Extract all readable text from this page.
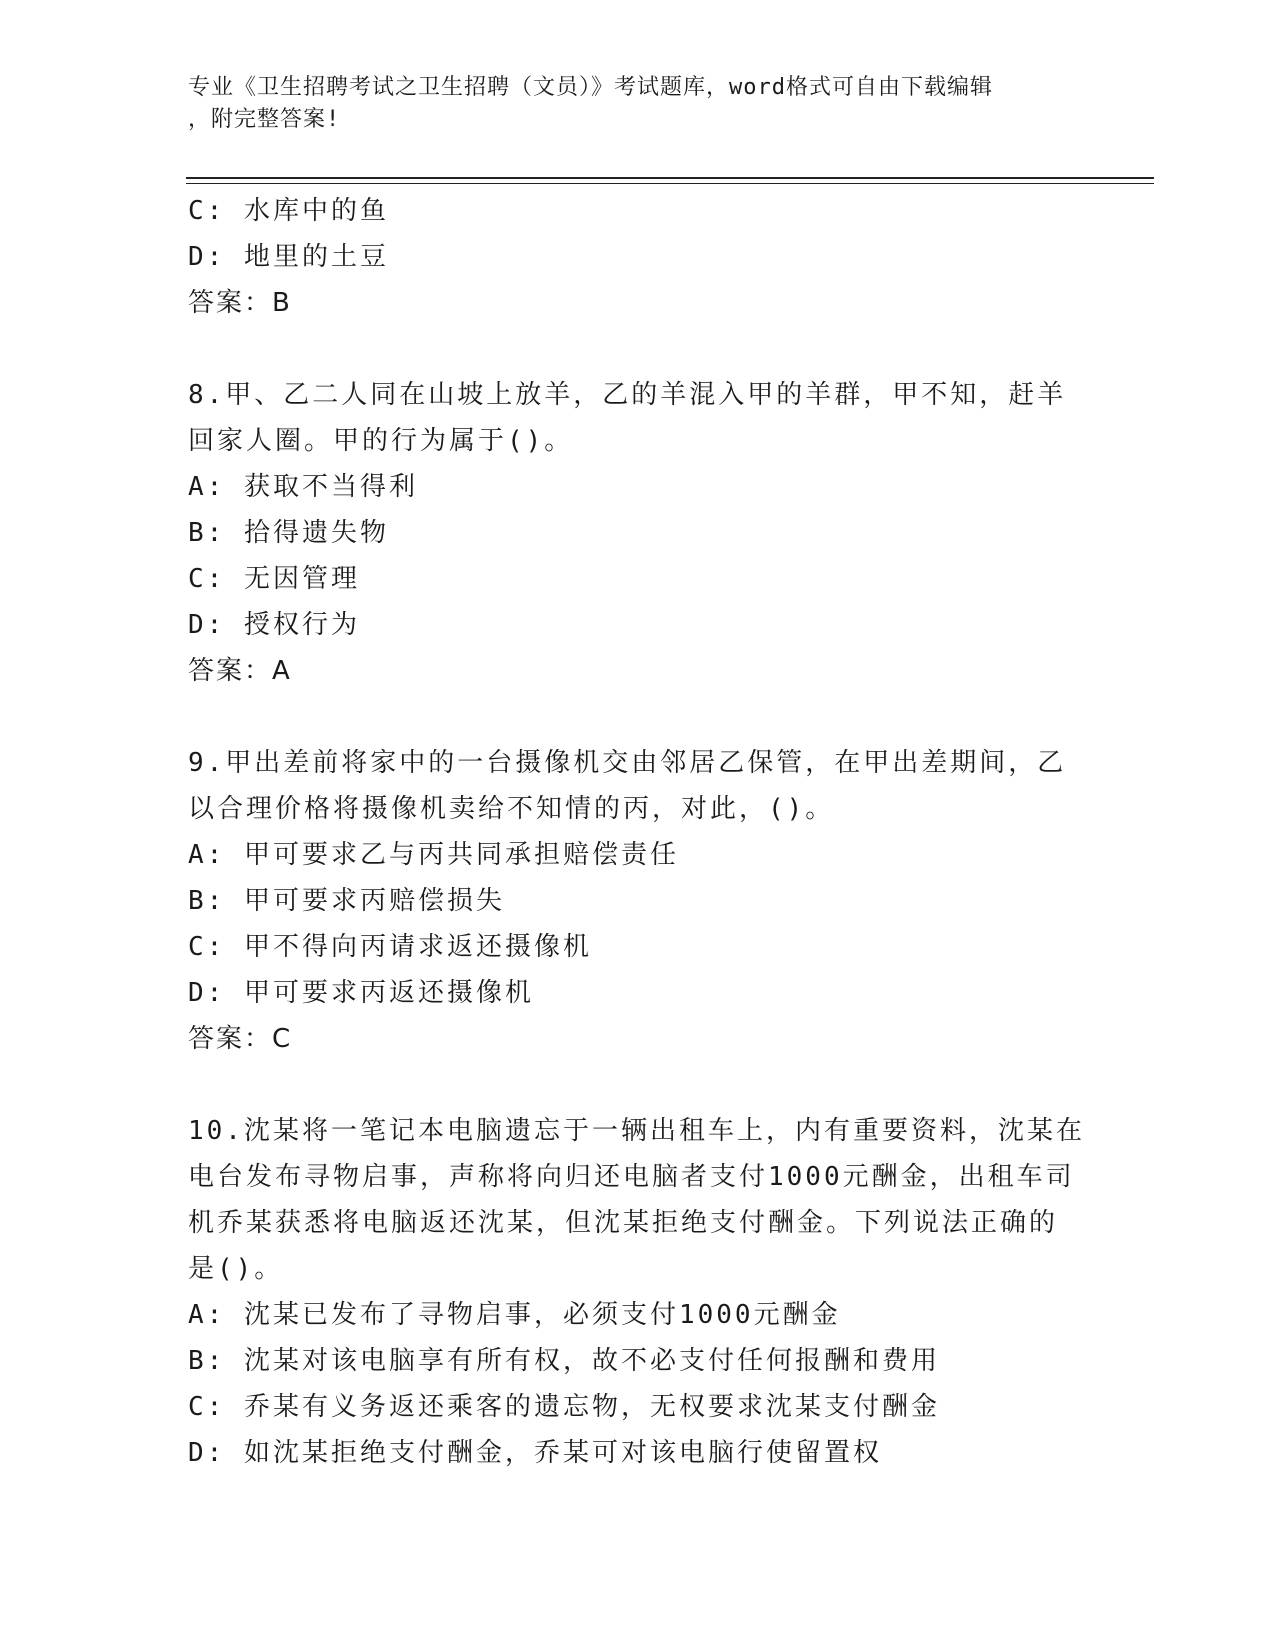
专业《卫生招聘考试之卫生招聘（文员）》考试题库，word格式可自由下载编辑
，附完整答案!
C: 水库中的鱼
D: 地里的土豆
答案：B
8.甲、乙二人同在山坡上放羊，乙的羊混入甲的羊群，甲不知，赶羊
回家人圈。甲的行为属于()。
A: 获取不当得利
B: 拾得遗失物
C: 无因管理
D: 授权行为
答案：A
9.甲出差前将家中的一台摄像机交由邻居乙保管，在甲出差期间，乙
以合理价格将摄像机卖给不知情的丙，对此，()。
A: 甲可要求乙与丙共同承担赔偿责任
B: 甲可要求丙赔偿损失
C: 甲不得向丙请求返还摄像机
D: 甲可要求丙返还摄像机
答案：C
10.沈某将一笔记本电脑遗忘于一辆出租车上，内有重要资料，沈某在
电台发布寻物启事，声称将向归还电脑者支付1000元酬金，出租车司
机乔某获悉将电脑返还沈某，但沈某拒绝支付酬金。下列说法正确的
是()。
A: 沈某已发布了寻物启事，必须支付1000元酬金
B: 沈某对该电脑享有所有权，故不必支付任何报酬和费用
C: 乔某有义务返还乘客的遗忘物，无权要求沈某支付酬金
D: 如沈某拒绝支付酬金，乔某可对该电脑行使留置权
